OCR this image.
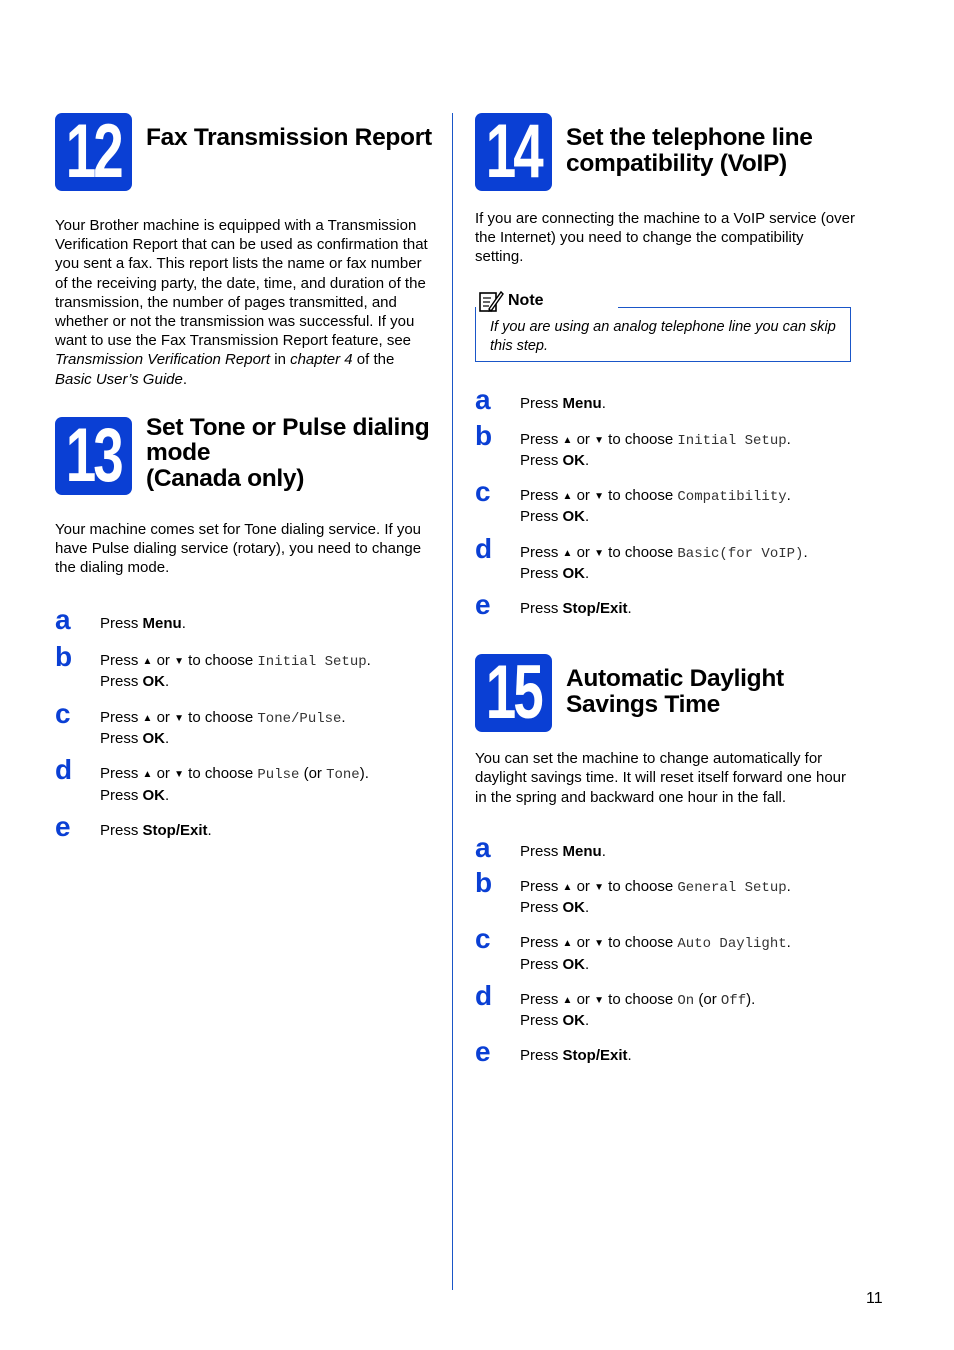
12 Fax Transmission Report

Your Brother machine is equipped with a Transmission Verification Report that can be used as confirmation that you sent a fax. This report lists the name or fax number of the receiving party, the date, time, and duration of the transmission, the number of pages transmitted, and whether or not the transmission was successful. If you want to use the Fax Transmission Report feature, see Transmission Verification Report in chapter 4 of the Basic User’s Guide.

13 Set Tone or Pulse dialing
mode
(Canada only)

Your machine comes set for Tone dialing service. If you have Pulse dialing service (rotary), you need to change the dialing mode.

a Press Menu.
b Press ▲ or ▼ to choose Initial Setup.
Press OK.
c Press ▲ or ▼ to choose Tone/Pulse.
Press OK.
d Press ▲ or ▼ to choose Pulse (or Tone).
Press OK.
e Press Stop/Exit.
14 Set the telephone line
compatibility (VoIP)

If you are connecting the machine to a VoIP service (over the Internet) you need to change the compatibility setting.

Note
If you are using an analog telephone line you can skip this step.
a Press Menu.
b Press ▲ or ▼ to choose Initial Setup.
Press OK.
c Press ▲ or ▼ to choose Compatibility.
Press OK.
d Press ▲ or ▼ to choose Basic(for VoIP).
Press OK.
e Press Stop/Exit.
15 Automatic Daylight
Savings Time

You can set the machine to change automatically for daylight savings time. It will reset itself forward one hour in the spring and backward one hour in the fall.

a Press Menu.
b Press ▲ or ▼ to choose General Setup.
Press OK.
c Press ▲ or ▼ to choose Auto Daylight.
Press OK.
d Press ▲ or ▼ to choose On (or Off).
Press OK.
e Press Stop/Exit.
11
